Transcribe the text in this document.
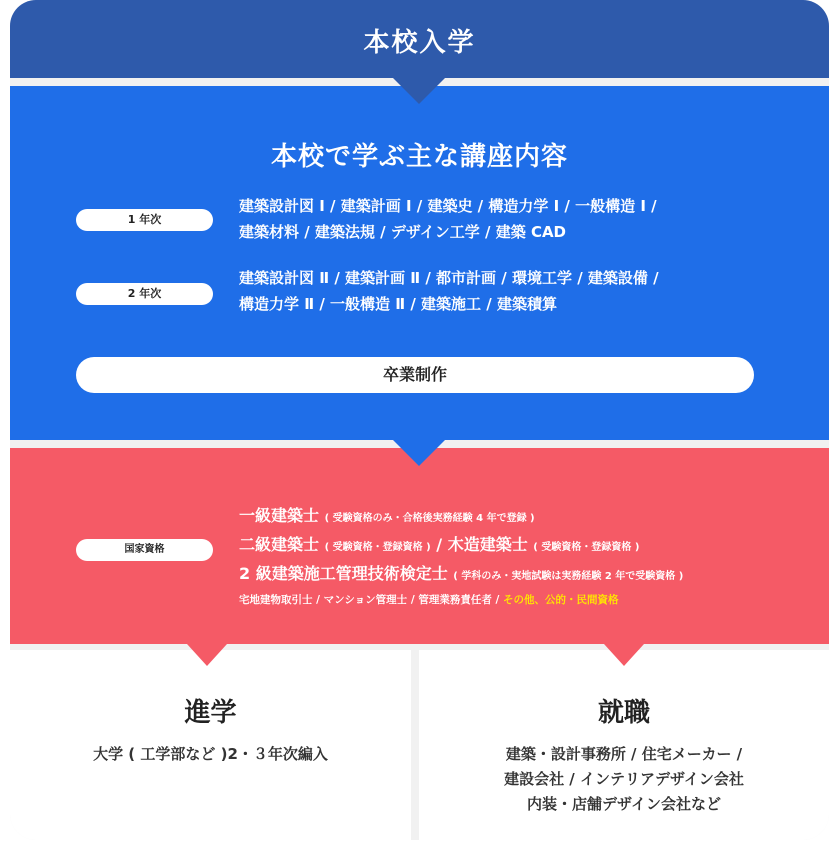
本校入学
本校で学ぶ主な講座内容
1 年次
建築設計図 Ⅰ / 建築計画 Ⅰ / 建築史 / 構造力学 Ⅰ / 一般構造 Ⅰ /
建築材料 / 建築法規 / デザイン工学 / 建築 CAD
2 年次
建築設計図 Ⅱ / 建築計画 Ⅱ / 都市計画 / 環境工学 / 建築設備 /
構造力学 Ⅱ / 一般構造 Ⅱ / 建築施工 / 建築積算
卒業制作
国家資格
一級建築士 ( 受験資格のみ・合格後実務経験 4 年で登録 )
二級建築士 ( 受験資格・登録資格 ) / 木造建築士 ( 受験資格・登録資格 )
2 級建築施工管理技術検定士 ( 学科のみ・実地試験は実務経験 2 年で受験資格 )
宅地建物取引士 / マンション管理士 / 管理業務責任者 / その他、公的・民間資格
進学
大学 ( 工学部など )2・３年次編入
就職
建築・設計事務所 / 住宅メーカー /
建設会社 / インテリアデザイン会社
内装・店舗デザイン会社など
